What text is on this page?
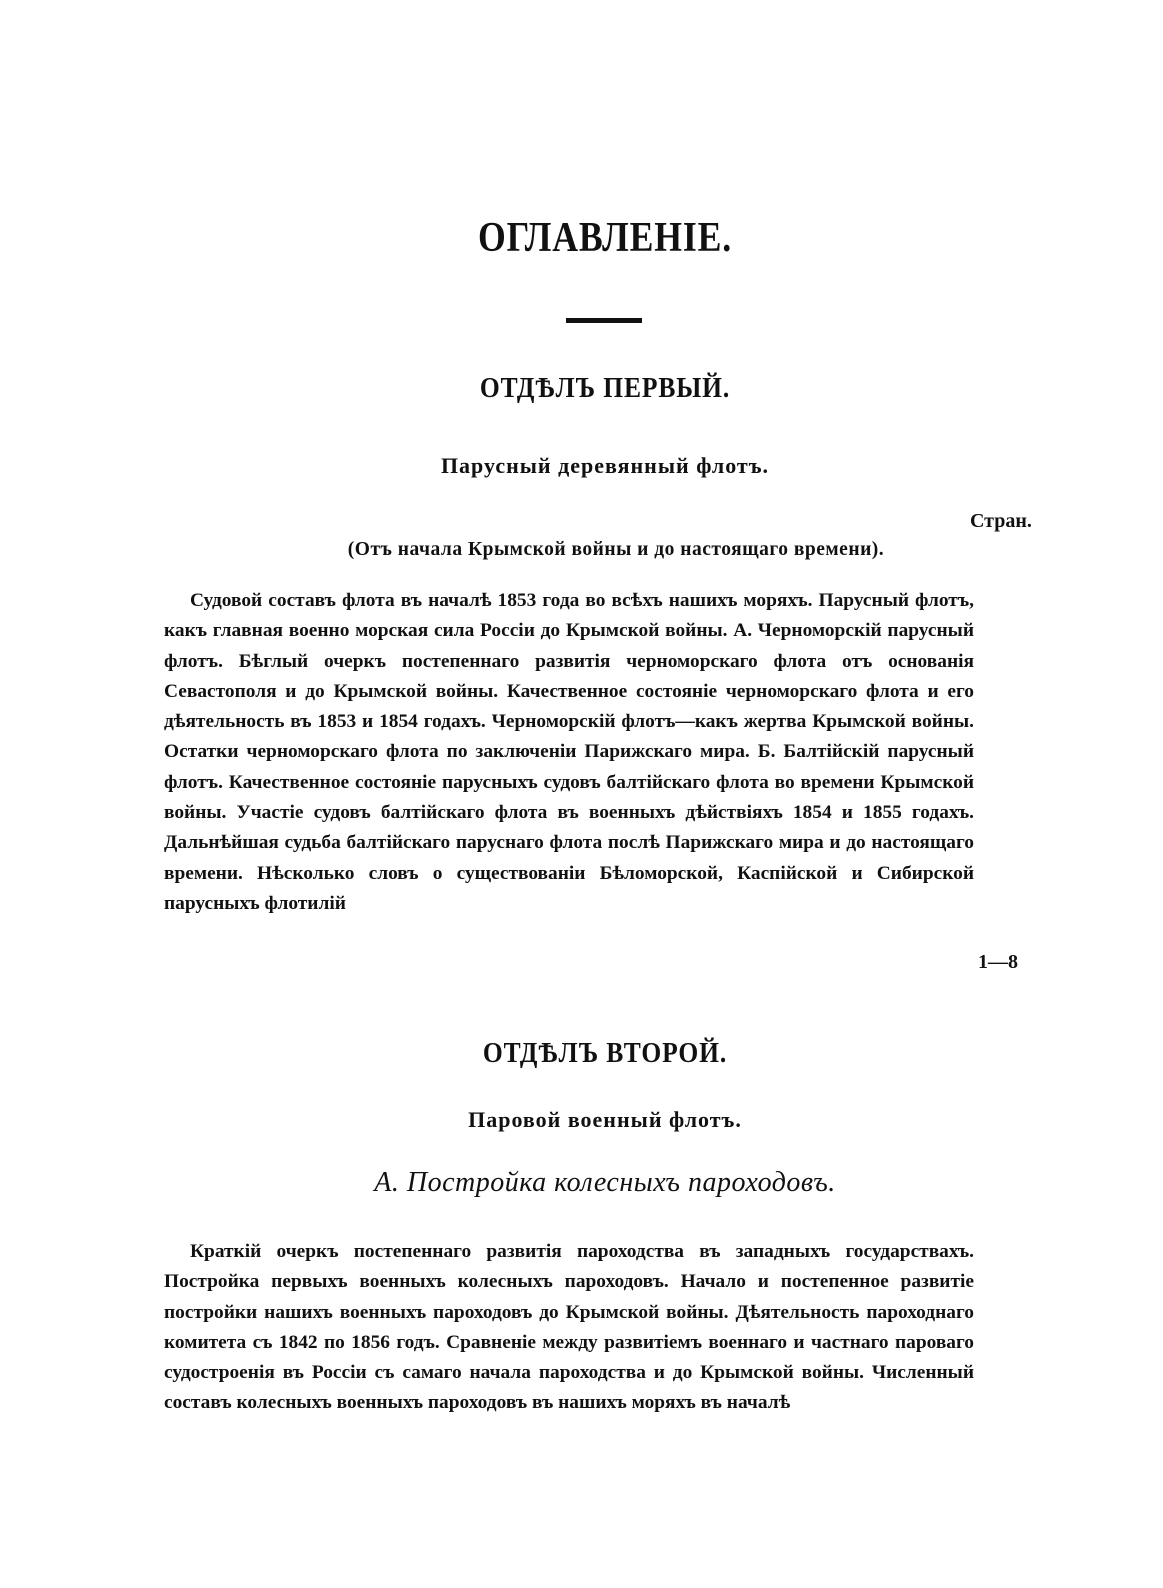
ОГЛАВЛЕНІЕ.
ОТДѢЛЪ ПЕРВЫЙ.
Парусный деревянный флотъ.
Стран.
(Отъ начала Крымской войны и до настоящаго времени).
Судовой составъ флота въ началѣ 1853 года во всѣхъ нашихъ моряхъ. Парусный флотъ, какъ главная военно морская сила Россіи до Крымской войны. А. Черноморскій парусный флотъ. Бѣглый очеркъ постепеннаго развитія черноморскаго флота отъ основанія Севастополя и до Крымской войны. Качественное состояніе черноморскаго флота и его дѣятельность въ 1853 и 1854 годахъ. Черноморскій флотъ—какъ жертва Крымской войны. Остатки черноморскаго флота по заключеніи Парижскаго мира. Б. Балтійскій парусный флотъ. Качественное состояніе парусныхъ судовъ балтійскаго флота во времени Крымской войны. Участіе судовъ балтійскаго флота въ военныхъ дѣйствіяхъ 1854 и 1855 годахъ. Дальнѣйшая судьба балтійскаго паруснаго флота послѣ Парижскаго мира и до настоящаго времени. Нѣсколько словъ о существованіи Бѣломорской, Каспійской и Сибирской парусныхъ флотилій
1—8
ОТДѢЛЪ ВТОРОЙ.
Паровой военный флотъ.
А. Постройка колесныхъ пароходовъ.
Краткій очеркъ постепеннаго развитія пароходства въ западныхъ государствахъ. Постройка первыхъ военныхъ колесныхъ пароходовъ. Начало и постепенное развитіе постройки нашихъ военныхъ пароходовъ до Крымской войны. Дѣятельность пароходнаго комитета съ 1842 по 1856 годъ. Сравненіе между развитіемъ военнаго и частнаго пароваго судостроенія въ Россіи съ самаго начала пароходства и до Крымской войны. Численный составъ колесныхъ военныхъ пароходовъ въ нашихъ моряхъ въ началѣ
